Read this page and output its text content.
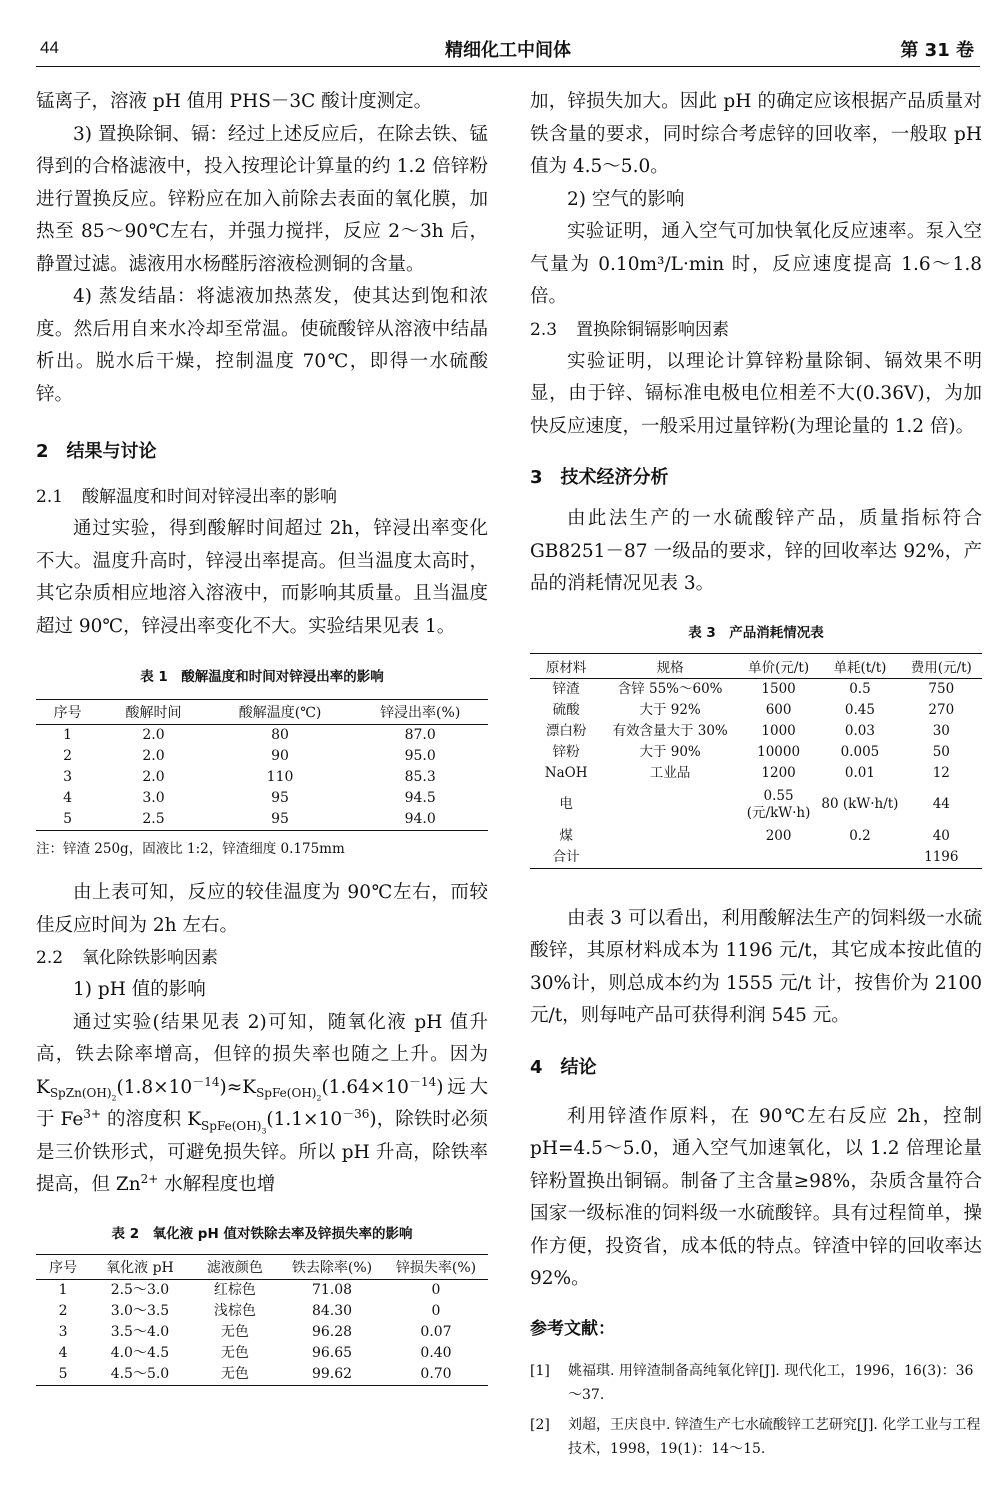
44	精细化工中间体	第 31 卷

锰离子，溶液 pH 值用 PHS－3C 酸计度测定。

3) 置换除铜、镉：经过上述反应后，在除去铁、锰得到的合格滤液中，投入按理论计算量的约 1.2 倍锌粉进行置换反应。锌粉应在加入前除去表面的氧化膜，加热至 85～90℃左右，并强力搅拌，反应 2～3h 后，静置过滤。滤液用水杨醛肟溶液检测铜的含量。

4) 蒸发结晶：将滤液加热蒸发，使其达到饱和浓度。然后用自来水冷却至常温。使硫酸锌从溶液中结晶析出。脱水后干燥，控制温度 70℃，即得一水硫酸锌。

2　结果与讨论
2.1 酸解温度和时间对锌浸出率的影响

通过实验，得到酸解时间超过 2h，锌浸出率变化不大。温度升高时，锌浸出率提高。但当温度太高时，其它杂质相应地溶入溶液中，而影响其质量。且当温度超过 90℃，锌浸出率变化不大。实验结果见表 1。

表 1　酸解温度和时间对锌浸出率的影响
序号	酸解时间	酸解温度(℃)	锌浸出率(%)
1	2.0	80	87.0
2	2.0	90	95.0
3	2.0	110	85.3
4	3.0	95	94.5
5	2.5	95	94.0
注：锌渣 250g，固液比 1:2，锌渣细度 0.175mm

由上表可知，反应的较佳温度为 90℃左右，而较佳反应时间为 2h 左右。

2.2 氧化除铁影响因素

1) pH 值的影响

通过实验(结果见表 2)可知，随氧化液 pH 值升高，铁去除率增高，但锌的损失率也随之上升。因为 $K_{SpZn(OH)_2}(1.8\times 10^{-14})\approx K_{SpFe(OH)_2}(1.64\times 10^{-14})$远大于 $Fe^{3+}$ 的溶度积 $K_{SpFe(OH)_3}(1.1\times 10^{-36})$，除铁时必须是三价铁形式，可避免损失锌。所以 pH 升高，除铁率提高，但 $Zn^{2+}$ 水解程度也增

表 2　氧化液 pH 值对铁除去率及锌损失率的影响
序号	氧化液 pH	滤液颜色	铁去除率(%)	锌损失率(%)
1	2.5～3.0	红棕色	71.08	0
2	3.0～3.5	浅棕色	84.30	0
3	3.5～4.0	无色	96.28	0.07
4	4.0～4.5	无色	96.65	0.40
5	4.5～5.0	无色	99.62	0.70

加，锌损失加大。因此 pH 的确定应该根据产品质量对铁含量的要求，同时综合考虑锌的回收率，一般取 pH 值为 4.5～5.0。

2) 空气的影响

实验证明，通入空气可加快氧化反应速率。泵入空气量为 0.10m³/L·min 时，反应速度提高 1.6～1.8 倍。

2.3 置换除铜镉影响因素

实验证明，以理论计算锌粉量除铜、镉效果不明显，由于锌、镉标准电极电位相差不大(0.36V)，为加快反应速度，一般采用过量锌粉(为理论量的 1.2 倍)。

3　技术经济分析

由此法生产的一水硫酸锌产品，质量指标符合 GB8251－87 一级品的要求，锌的回收率达 92%，产品的消耗情况见表 3。

表 3　产品消耗情况表
原材料	规格	单价(元/t)	单耗(t/t)	费用(元/t)
锌渣	含锌 55%～60%	1500	0.5	750
硫酸	大于 92%	600	0.45	270
漂白粉	有效含量大于 30%	1000	0.03	30
锌粉	大于 90%	10000	0.005	50
NaOH	工业品	1200	0.01	12
电		0.55 (元/kW·h)	80 (kW·h/t)	44
煤		200	0.2	40
合计				1196

由表 3 可以看出，利用酸解法生产的饲料级一水硫酸锌，其原材料成本为 1196 元/t，其它成本按此值的 30%计，则总成本约为 1555 元/t 计，按售价为 2100 元/t，则每吨产品可获得利润 545 元。

4　结论

利用锌渣作原料，在 90℃左右反应 2h，控制 pH=4.5～5.0，通入空气加速氧化，以 1.2 倍理论量锌粉置换出铜镉。制备了主含量≥98%，杂质含量符合国家一级标准的饲料级一水硫酸锌。具有过程简单，操作方便，投资省，成本低的特点。锌渣中锌的回收率达 92%。

参考文献：
[1] 姚福琪. 用锌渣制备高纯氧化锌[J]. 现代化工，1996，16(3)：36～37.
[2] 刘超，王庆良中. 锌渣生产七水硫酸锌工艺研究[J]. 化学工业与工程技术，1998，19(1)：14～15.
